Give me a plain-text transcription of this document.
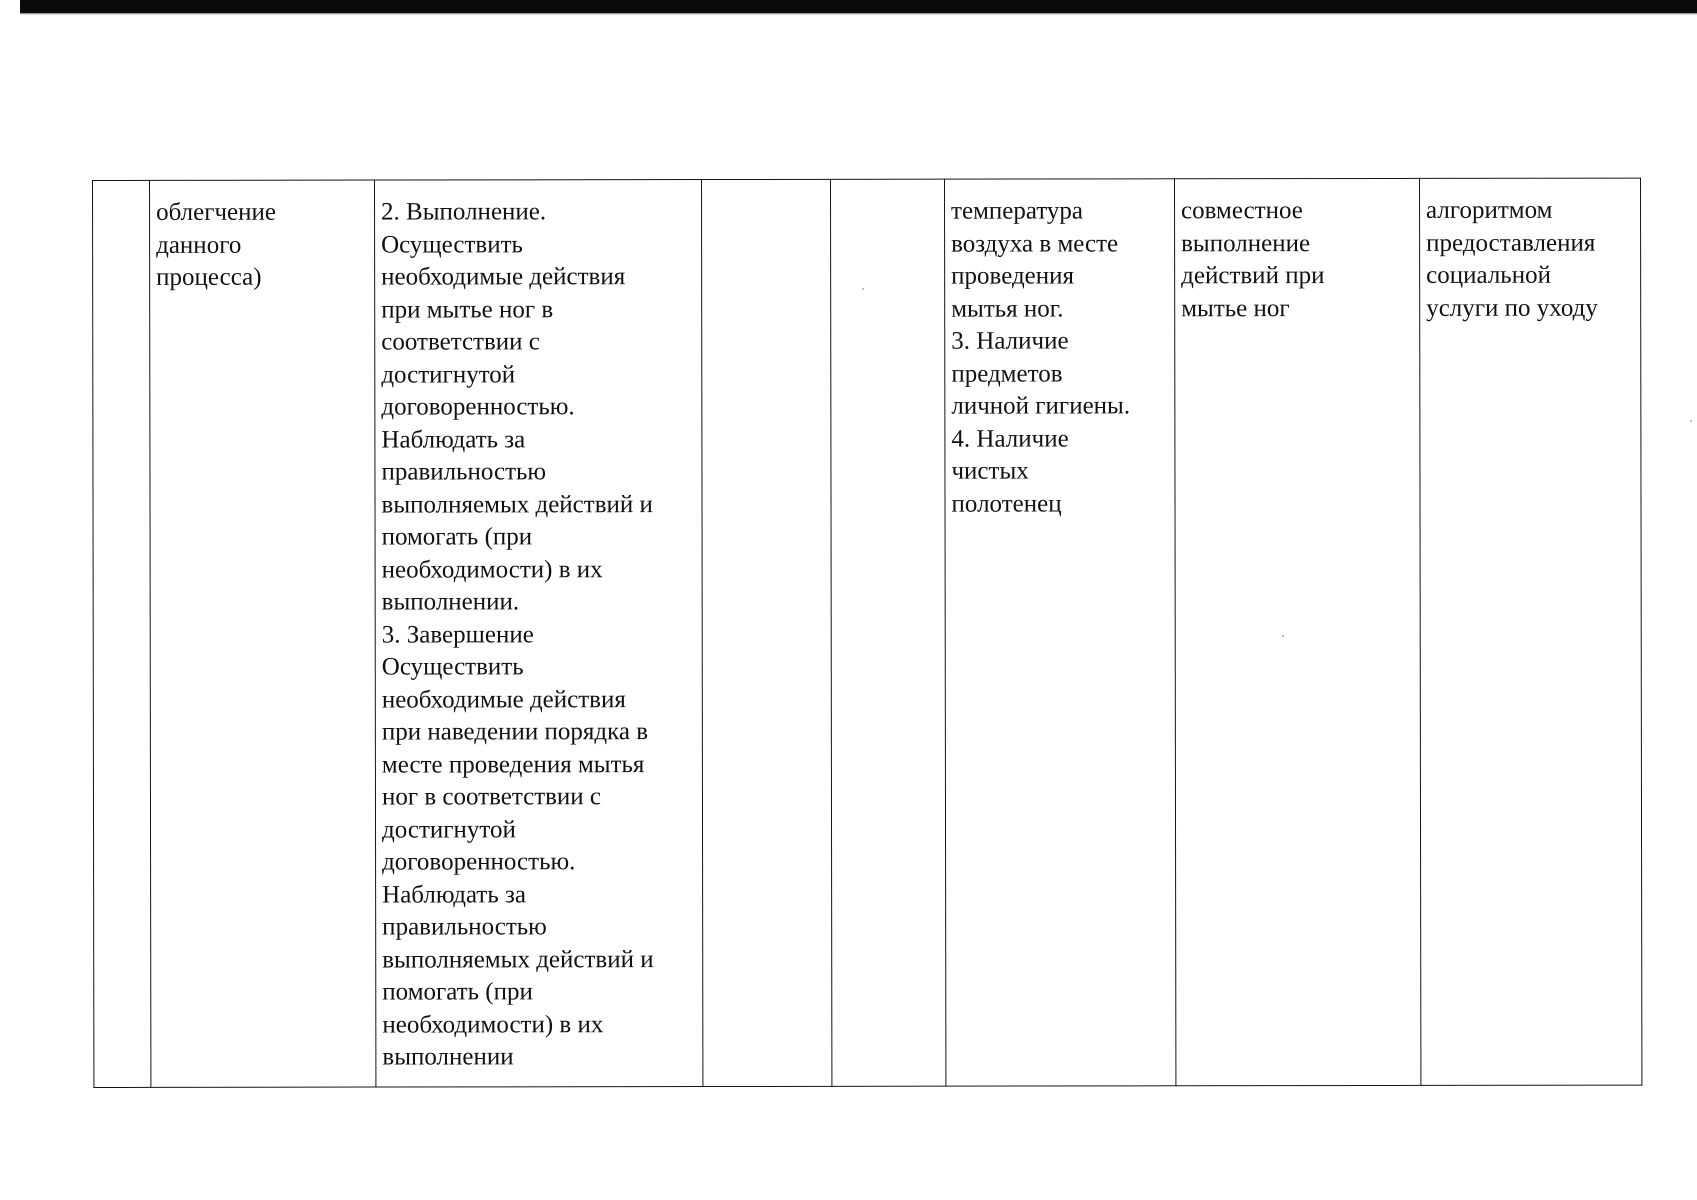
	облегчение
данного
процесса)	2. Выполнение.
Осуществить
необходимые действия
при мытье ног в
соответствии с
достигнутой
договоренностью.
Наблюдать за
правильностью
выполняемых действий и
помогать (при
необходимости) в их
выполнении.
3. Завершение
Осуществить
необходимые действия
при наведении порядка в
месте проведения мытья
ног в соответствии с
достигнутой
договоренностью.
Наблюдать за
правильностью
выполняемых действий и
помогать (при
необходимости) в их
выполнении			температура
воздуха в месте
проведения
мытья ног.
3. Наличие
предметов
личной гигиены.
4. Наличие
чистых
полотенец	совместное
выполнение
действий при
мытье ног	алгоритмом
предоставления
социальной
услуги по уходу
